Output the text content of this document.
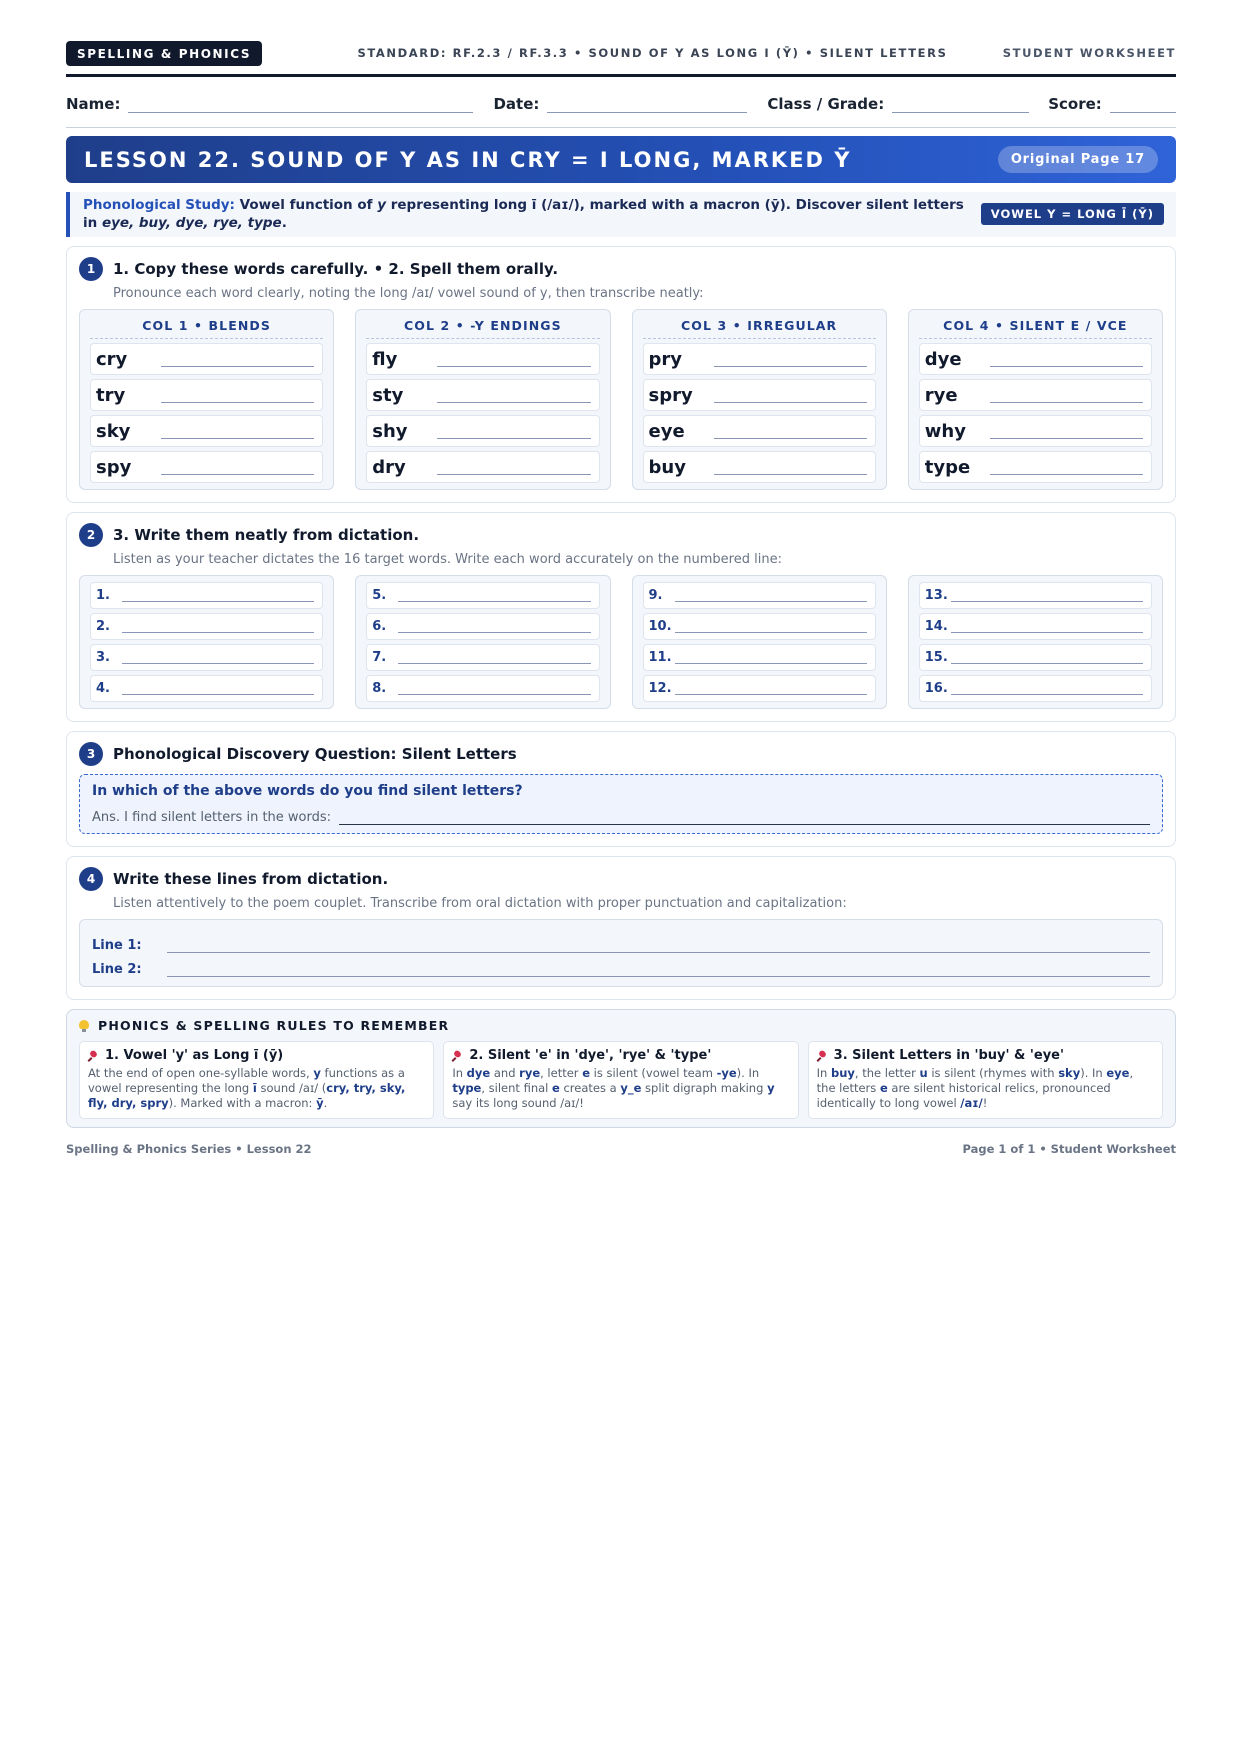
SPELLING & PHONICS	STANDARD: RF.2.3 / RF.3.3 • SOUND OF Y AS LONG I (Ȳ) • SILENT LETTERS	STUDENT WORKSHEET
Name:	Date:	Class / Grade:	Score:
LESSON 22. SOUND OF Y AS IN CRY = I LONG, MARKED Ȳ	Original Page 17
Phonological Study: Vowel function of y representing long ī (/aɪ/), marked with a macron (ȳ). Discover silent letters in eye, buy, dye, rye, type.
VOWEL Y = LONG Ī (Ȳ)
1	1. Copy these words carefully. • 2. Spell them orally.
Pronounce each word clearly, noting the long /aɪ/ vowel sound of y, then transcribe neatly:
COL 1 • BLENDS
cry
try
sky
spy
COL 2 • -Y ENDINGS
fly
sty
shy
dry
COL 3 • IRREGULAR
pry
spry
eye
buy
COL 4 • SILENT E / VCE
dye
rye
why
type
2	3. Write them neatly from dictation.
Listen as your teacher dictates the 16 target words. Write each word accurately on the numbered line:
1.
2.
3.
4.
5.
6.
7.
8.
9.
10.
11.
12.
13.
14.
15.
16.
3	Phonological Discovery Question: Silent Letters
In which of the above words do you find silent letters?
Ans. I find silent letters in the words:
4	Write these lines from dictation.
Listen attentively to the poem couplet. Transcribe from oral dictation with proper punctuation and capitalization:
Line 1:
Line 2:
PHONICS & SPELLING RULES TO REMEMBER
1. Vowel 'y' as Long ī (ȳ)
At the end of open one-syllable words, y functions as a vowel representing the long ī sound /aɪ/ (cry, try, sky, fly, dry, spry). Marked with a macron: ȳ.
2. Silent 'e' in 'dye', 'rye' & 'type'
In dye and rye, letter e is silent (vowel team -ye). In type, silent final e creates a y_e split digraph making y say its long sound /aɪ/!
3. Silent Letters in 'buy' & 'eye'
In buy, the letter u is silent (rhymes with sky). In eye, the letters e are silent historical relics, pronounced identically to long vowel /aɪ/!
Spelling & Phonics Series • Lesson 22	Page 1 of 1 • Student Worksheet
